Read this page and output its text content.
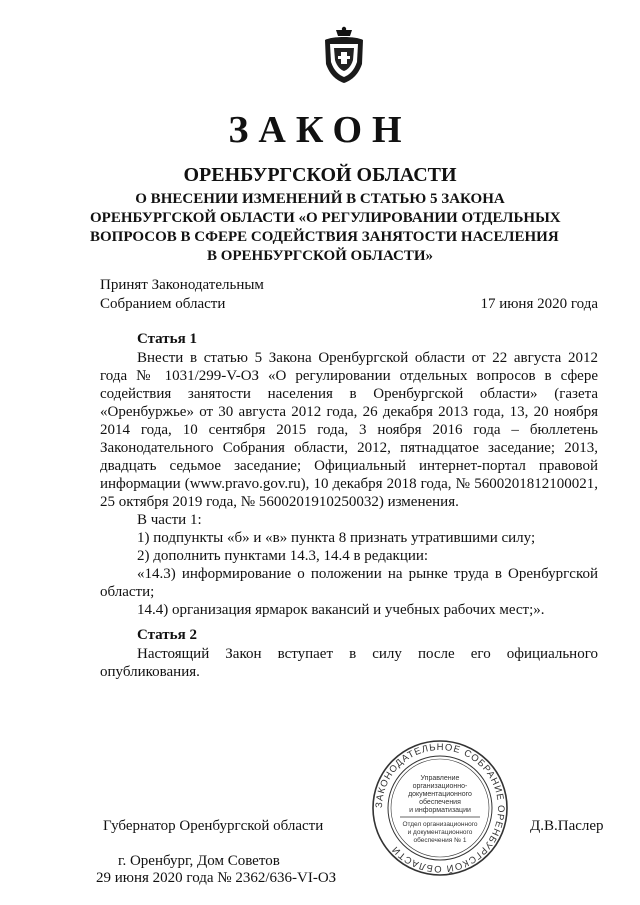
ЗАКОН
ОРЕНБУРГСКОЙ ОБЛАСТИ
О ВНЕСЕНИИ ИЗМЕНЕНИЙ В СТАТЬЮ 5 ЗАКОНА
ОРЕНБУРГСКОЙ ОБЛАСТИ «О РЕГУЛИРОВАНИИ ОТДЕЛЬНЫХ
ВОПРОСОВ В СФЕРЕ СОДЕЙСТВИЯ ЗАНЯТОСТИ НАСЕЛЕНИЯ
В ОРЕНБУРГСКОЙ ОБЛАСТИ»
Принят Законодательным
Собранием области	17 июня 2020 года
Статья 1
Внести в статью 5 Закона Оренбургской области от 22 августа 2012
года № 1031/299-V-ОЗ «О регулировании отдельных вопросов в сфере
содействия занятости населения в Оренбургской области» (газета
«Оренбуржье» от 30 августа 2012 года, 26 декабря 2013 года, 13, 20 ноября
2014 года, 10 сентября 2015 года, 3 ноября 2016 года – бюллетень
Законодательного Собрания области, 2012, пятнадцатое заседание; 2013,
двадцать седьмое заседание; Официальный интернет-портал правовой
информации (www.pravo.gov.ru), 10 декабря 2018 года, № 5600201812100021,
25 октября 2019 года, № 5600201910250032) изменения.
В части 1:
1) подпункты «б» и «в» пункта 8 признать утратившими силу;
2) дополнить пунктами 14.3, 14.4 в редакции:
«14.3) информирование о положении на рынке труда в Оренбургской
области;
14.4) организация ярмарок вакансий и учебных рабочих мест;».
Статья 2
Настоящий Закон вступает в силу после его официального
опубликования.
ЗАКОНОДАТЕЛЬНОЕ СОБРАНИЕ ОРЕНБУРГСКОЙ ОБЛАСТИ
Управление
организационно-
документационного
обеспечения
и информатизации
Отдел организационного
и документационного
обеспечения № 1
Губернатор Оренбургской области	Д.В.Паслер
г. Оренбург, Дом Советов
29 июня 2020 года № 2362/636-VI-ОЗ
